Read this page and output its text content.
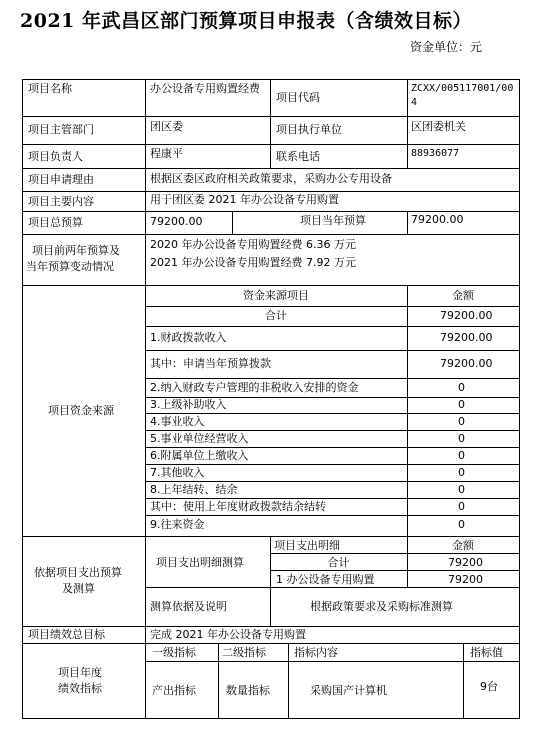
2021 年武昌区部门预算项目申报表（含绩效目标）
资金单位：元
项目名称	办公设备专用购置经费
项目代码
ZCXX/005117001/004
项目主管部门	团区委	项目执行单位	区团委机关
项目负责人	程康平	联系电话	88936077
项目申请理由	根据区委区政府相关政策要求，采购办公专用设备
项目主要内容	用于团区委 2021 年办公设备专用购置
项目总预算	79200.00	项目当年预算	79200.00
项目前两年预算及
当年预算变动情况
2020 年办公设备专用购置经费 6.36 万元
2021 年办公设备专用购置经费 7.92 万元
项目资金来源
资金来源项目	金额
合计	79200.00
1.财政拨款收入	79200.00
其中：申请当年预算拨款	79200.00
2.纳入财政专户管理的非税收入安排的资金	0
3.上级补助收入	0
4.事业收入	0
5.事业单位经营收入	0
6.附属单位上缴收入	0
7.其他收入	0
8.上年结转、结余	0
其中：使用上年度财政拨款结余结转	0
9.往来资金	0
依据项目支出预算
及测算
项目支出明细测算
项目支出明细	金额
合计	79200
1 办公设备专用购置	79200
测算依据及说明	根据政策要求及采购标准测算
项目绩效总目标	完成 2021 年办公设备专用购置
项目年度
绩效指标
一级指标 二级指标	指标内容	指标值
产出指标	数量指标	采购国产计算机	9台
